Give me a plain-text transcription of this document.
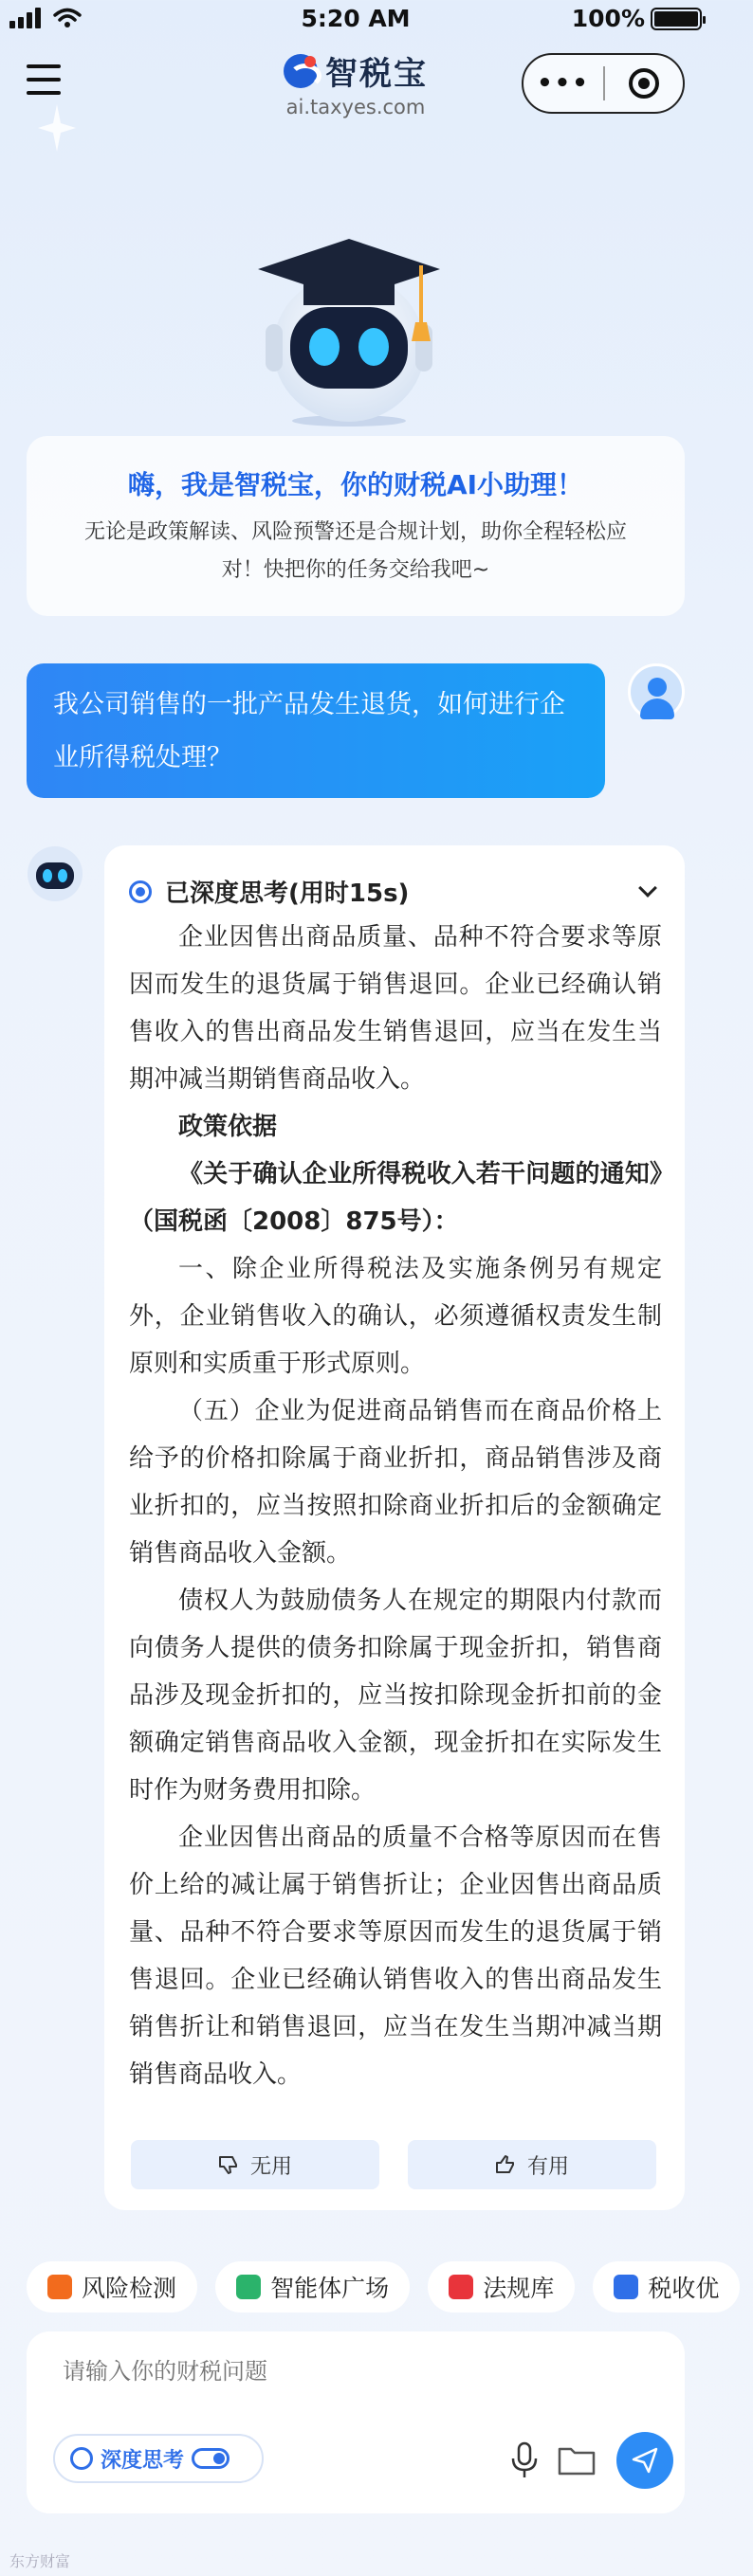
5:20 AM	100%
智税宝
ai.taxyes.com
•••
嗨，我是智税宝，你的财税AI小助理！
无论是政策解读、风险预警还是合规计划，助你全程轻松应
对！快把你的任务交给我吧~
我公司销售的一批产品发生退货，如何进行企业所得税处理？
已深度思考(用时15s)

企业因售出商品质量、品种不符合要求等原因而发生的退货属于销售退回。企业已经确认销售收入的售出商品发生销售退回，应当在发生当期冲减当期销售商品收入。

政策依据

《关于确认企业所得税收入若干问题的通知》（国税函〔2008〕875号）：

一、除企业所得税法及实施条例另有规定外，企业销售收入的确认，必须遵循权责发生制原则和实质重于形式原则。

（五）企业为促进商品销售而在商品价格上给予的价格扣除属于商业折扣，商品销售涉及商业折扣的，应当按照扣除商业折扣后的金额确定销售商品收入金额。

债权人为鼓励债务人在规定的期限内付款而向债务人提供的债务扣除属于现金折扣，销售商品涉及现金折扣的，应当按扣除现金折扣前的金额确定销售商品收入金额，现金折扣在实际发生时作为财务费用扣除。

企业因售出商品的质量不合格等原因而在售价上给的减让属于销售折让；企业因售出商品质量、品种不符合要求等原因而发生的退货属于销售退回。企业已经确认销售收入的售出商品发生销售折让和销售退回，应当在发生当期冲减当期销售商品收入。

无用	有用
风险检测
	智能体广场
	法规库
	税收优
请输入你的财税问题
深度思考
东方财富
